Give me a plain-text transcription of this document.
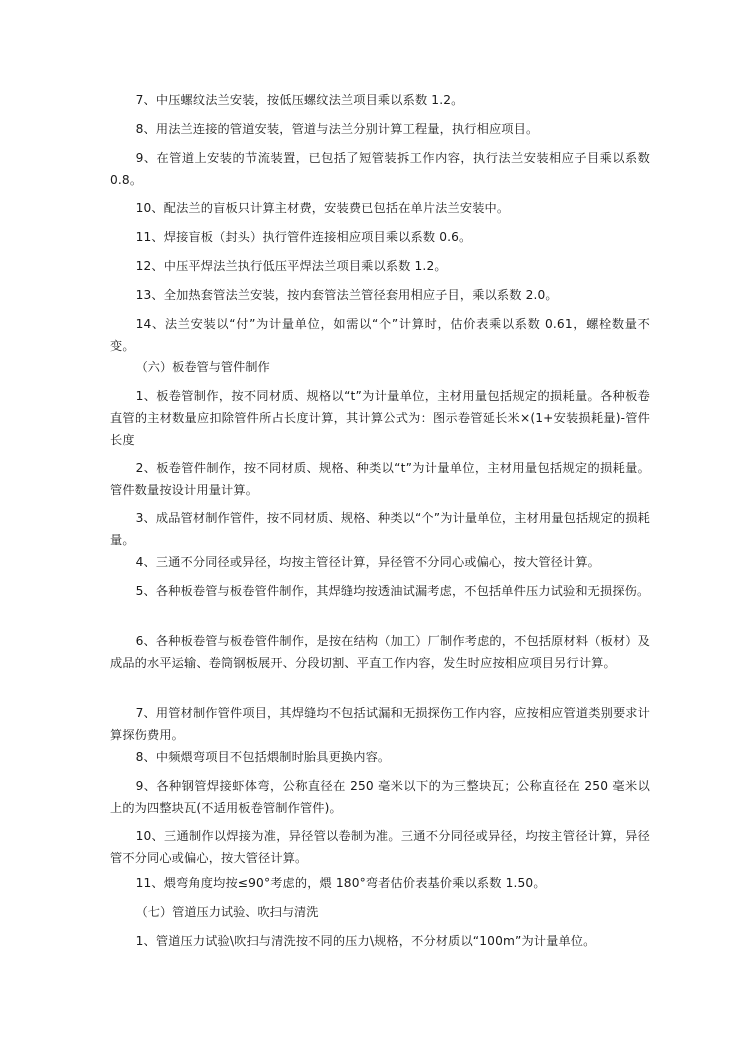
7、中压螺纹法兰安装，按低压螺纹法兰项目乘以系数 1.2。

8、用法兰连接的管道安装，管道与法兰分别计算工程量，执行相应项目。

9、在管道上安装的节流装置，已包括了短管装拆工作内容，执行法兰安装相应子目乘以系数 0.8。

10、配法兰的盲板只计算主材费，安装费已包括在单片法兰安装中。

11、焊接盲板（封头）执行管件连接相应项目乘以系数 0.6。

12、中压平焊法兰执行低压平焊法兰项目乘以系数 1.2。

13、全加热套管法兰安装，按内套管法兰管径套用相应子目，乘以系数 2.0。

14、法兰安装以“付”为计量单位，如需以“个”计算时，估价表乘以系数 0.61，螺栓数量不变。

（六）板卷管与管件制作

1、板卷管制作，按不同材质、规格以“t”为计量单位，主材用量包括规定的损耗量。各种板卷直管的主材数量应扣除管件所占长度计算，其计算公式为：图示卷管延长米×(1+安装损耗量)-管件长度

2、板卷管件制作，按不同材质、规格、种类以“t”为计量单位，主材用量包括规定的损耗量。管件数量按设计用量计算。

3、成品管材制作管件，按不同材质、规格、种类以“个”为计量单位，主材用量包括规定的损耗量。

4、三通不分同径或异径，均按主管径计算，异径管不分同心或偏心，按大管径计算。

5、各种板卷管与板卷管件制作，其焊缝均按透油试漏考虑，不包括单件压力试验和无损探伤。

6、各种板卷管与板卷管件制作，是按在结构（加工）厂制作考虑的，不包括原材料（板材）及成品的水平运输、卷筒钢板展开、分段切割、平直工作内容，发生时应按相应项目另行计算。

7、用管材制作管件项目，其焊缝均不包括试漏和无损探伤工作内容，应按相应管道类别要求计算探伤费用。

8、中频煨弯项目不包括煨制时胎具更换内容。

9、各种钢管焊接虾体弯，公称直径在 250 毫米以下的为三整块瓦；公称直径在 250 毫米以上的为四整块瓦(不适用板卷管制作管件)。

10、三通制作以焊接为准，异径管以卷制为准。三通不分同径或异径，均按主管径计算，异径管不分同心或偏心，按大管径计算。

11、煨弯角度均按≤90°考虑的，煨 180°弯者估价表基价乘以系数 1.50。

（七）管道压力试验、吹扫与清洗

1、管道压力试验\吹扫与清洗按不同的压力\规格，不分材质以“100m”为计量单位。
